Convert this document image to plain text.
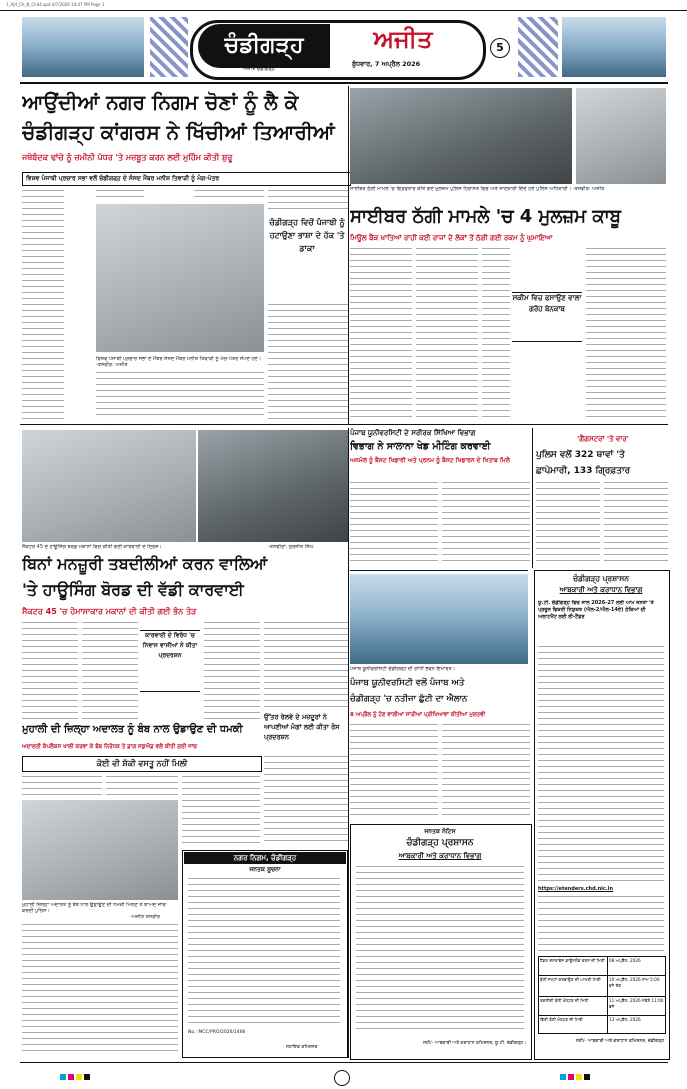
1_Ajit_Ch_N_Chd4.qxd 4/7/2026 10:47 PM Page 1
ਚੰਡੀਗੜ੍ਹ	ਅਜੀਤ
ਅਜੀਤ ਚੰਡੀਗੜ੍ਹ
ਬੁੱਧਵਾਰ, 7 ਅਪ੍ਰੈਲ 2026
5
ਆਉਂਦੀਆਂ ਨਗਰ ਨਿਗਮ ਚੋਣਾਂ ਨੂੰ ਲੈ ਕੇ
ਚੰਡੀਗੜ੍ਹ ਕਾਂਗਰਸ ਨੇ ਖਿੱਚੀਆਂ ਤਿਆਰੀਆਂ
ਜਥੇਬੰਦਕ ਢਾਂਚੇ ਨੂੰ ਜ਼ਮੀਨੀ ਪੱਧਰ 'ਤੇ ਮਜ਼ਬੂਤ ਕਰਨ ਲਈ ਮੁਹਿੰਮ ਕੀਤੀ ਸ਼ੁਰੂ
ਵਿਸ਼ਵ ਪੰਜਾਬੀ ਪ੍ਰਚਾਰ ਸਭਾ ਵਲੋਂ ਚੰਡੀਗੜ੍ਹ ਦੇ ਸੰਸਦ ਮੈਂਬਰ ਮਨੀਸ਼ ਤਿਵਾੜੀ ਨੂੰ ਮੰਗ-ਪੱਤਰ
ਵਿਸ਼ਵ ਪੰਜਾਬੀ ਪ੍ਰਚਾਰ ਸਭਾ ਦੇ ਮੈਂਬਰ ਸੰਸਦ ਮੈਂਬਰ ਮਨੀਸ਼ ਤਿਵਾੜੀ ਨੂੰ ਮੰਗ-ਪੱਤਰ ਸੌਂਪਦੇ ਹੋਏ। -ਤਸਵੀਰ: ਅਜੀਤ
ਚੰਡੀਗੜ੍ਹ ਵਿਚੋਂ ਪੰਜਾਬੀ ਨੂੰ ਹਟਾਉਣਾ ਭਾਸ਼ਾ ਦੇ ਹੱਕ 'ਤੇ ਡਾਕਾ
ਸਾਈਬਰ ਠੱਗੀ ਮਾਮਲੇ 'ਚ ਗ੍ਰਿਫ਼ਤਾਰ ਕੀਤੇ ਗਏ ਮੁਲਜ਼ਮ ਪੁਲਿਸ ਹਿਰਾਸਤ ਵਿਚ ਅਤੇ ਜਾਣਕਾਰੀ ਦਿੰਦੇ ਹੋਏ ਪੁਲਿਸ ਅਧਿਕਾਰੀ। -ਤਸਵੀਰ: ਅਜੀਤ
ਸਾਈਬਰ ਠੱਗੀ ਮਾਮਲੇ 'ਚ 4 ਮੁਲਜ਼ਮ ਕਾਬੂ
ਮਿਊਲ ਬੈਂਕ ਖਾਤਿਆਂ ਰਾਹੀਂ ਕਈ ਰਾਜਾਂ ਦੇ ਲੋਕਾਂ ਤੋਂ ਠੱਗੀ ਗਈ ਰਕਮ ਨੂੰ ਘੁਮਾਇਆ
ਸਕੀਮ ਵਿਚ ਫਸਾਉਣ ਵਾਲਾ ਗਰੋਹ ਬੇਨਕਾਬ
ਸੈਕਟਰ 45 ਦੇ ਹਾਊਸਿੰਗ ਬੋਰਡ ਮਕਾਨਾਂ ਵਿਚ ਕੀਤੀ ਗਈ ਕਾਰਵਾਈ ਦੇ ਦ੍ਰਿਸ਼।	-ਤਸਵੀਰਾਂ: ਸੁਰਜੀਤ ਸਿੰਘ
ਪੰਜਾਬ ਯੂਨੀਵਰਸਿਟੀ ਦੇ ਸਰੀਰਕ ਸਿੱਖਿਆ ਵਿਭਾਗ
ਵਿਭਾਗ ਨੇ ਸਾਲਾਨਾ ਖੇਡ ਮੀਟਿੰਗ ਕਰਵਾਈ
ਅਨਮੋਲ ਨੂੰ ਬੈਸਟ ਖਿਡਾਰੀ ਅਤੇ ਪ੍ਰਨਮ ਨੂੰ ਬੈਸਟ ਖਿਡਾਰਨ ਦੇ ਖਿਤਾਬ ਮਿਲੇ
'ਗੈਂਗਸਟਰਾਂ 'ਤੇ ਵਾਰ'
ਪੁਲਿਸ ਵਲੋਂ 322 ਥਾਵਾਂ 'ਤੇ
ਛਾਪੇਮਾਰੀ, 133 ਗ੍ਰਿਫ਼ਤਾਰ
ਬਿਨਾਂ ਮਨਜ਼ੂਰੀ ਤਬਦੀਲੀਆਂ ਕਰਨ ਵਾਲਿਆਂ
'ਤੇ ਹਾਊਸਿੰਗ ਬੋਰਡ ਦੀ ਵੱਡੀ ਕਾਰਵਾਈ
ਸੈਕਟਰ 45 'ਚ ਹੋਮਾਸਾਕਾਰ ਮਕਾਨਾਂ ਦੀ ਕੀਤੀ ਗਈ ਭੰਨ ਤੋੜ
ਕਾਰਵਾਈ ਦੇ ਵਿਰੋਧ 'ਚ ਨਿਵਾਸ ਵਾਸੀਆਂ ਨੇ ਕੀਤਾ ਪ੍ਰਦਰਸ਼ਨ
ਉੱਤਰ ਰੇਲਵੇ ਦੇ ਮਜ਼ਦੂਰਾਂ ਨੇ ਆਪਣੀਆਂ ਮੰਗਾਂ ਲਈ ਕੀਤਾ ਰੋਸ ਪ੍ਰਦਰਸ਼ਨ
ਮੁਹਾਲੀ ਦੀ ਜ਼ਿਲ੍ਹਾ ਅਦਾਲਤ ਨੂੰ ਬੰਬ ਨਾਲ ਉਡਾਉਣ ਦੀ ਧਮਕੀ
ਅਦਾਲਤੀ ਕੰਪਲੈਕਸ ਖਾਲੀ ਕਰਵਾ ਕੇ ਬੰਬ ਨਿਰੋਧਕ ਤੇ ਡਾਗ ਸਕੁਐਡ ਵਲੋਂ ਕੀਤੀ ਗਈ ਜਾਂਚ
ਕੋਈ ਵੀ ਸ਼ੱਕੀ ਵਸਤੂ ਨਹੀਂ ਮਿਲੀ
ਮੁਹਾਲੀ ਜ਼ਿਲ੍ਹਾ ਅਦਾਲਤ ਨੂੰ ਬੰਬ ਨਾਲ ਉਡਾਉਣ ਦੀ ਧਮਕੀ ਮਿਲਣ ਤੋਂ ਬਾਅਦ ਜਾਂਚ ਕਰਦੀ ਪੁਲਿਸ।
-ਅਜੀਤ ਤਸਵੀਰ
ਨਗਰ ਨਿਗਮ, ਚੰਡੀਗੜ੍ਹ
ਜਨਤਕ ਸੂਚਨਾ
No.: MCC/PRO/2026/1466
ਸਹਾਇਕ ਕਮਿਸ਼ਨਰ
ਪੰਜਾਬ ਯੂਨੀਵਰਸਿਟੀ ਚੰਡੀਗੜ੍ਹ ਦੀ ਗਾਂਧੀ ਭਵਨ ਇਮਾਰਤ।
ਪੰਜਾਬ ਯੂਨੀਵਰਸਿਟੀ ਵਲੋਂ ਪੰਜਾਬ ਅਤੇ
ਚੰਡੀਗੜ੍ਹ 'ਚ ਨਤੀਜਾ ਛੁੱਟੀ ਦਾ ਐਲਾਨ
8 ਅਪ੍ਰੈਲ ਨੂੰ ਹੋਣ ਵਾਲੀਆਂ ਸਾਰੀਆਂ ਪ੍ਰੀਖਿਆਵਾਂ ਕੀਤੀਆਂ ਮੁਲਤਵੀ
ਜਨਤਕ ਨੋਟਿਸ
ਚੰਡੀਗੜ੍ਹ ਪ੍ਰਸ਼ਾਸਨ
ਆਬਕਾਰੀ ਅਤੇ ਕਰਾਧਾਨ ਵਿਭਾਗ
ਸਹੀ/- ਆਬਕਾਰੀ ਅਤੇ ਕਰਾਧਾਨ ਕਮਿਸ਼ਨਰ, ਯੂ.ਟੀ. ਚੰਡੀਗੜ੍ਹ।
ਚੰਡੀਗੜ੍ਹ ਪ੍ਰਸ਼ਾਸਨ
ਆਬਕਾਰੀ ਅਤੇ ਕਰਾਧਾਨ ਵਿਭਾਗ
ਯੂ.ਟੀ. ਚੰਡੀਗੜ੍ਹ ਵਿਚ ਸਾਲ 2026-27 ਲਈ ਆਮ ਜਨਤਾ 'ਤੇ ਪ੍ਰਚੂਨ ਵਿਕਰੀ ਨਿਯੁਕਤ (ਐਲ-2/ਐਲ-14ਏ) ਠੇਕਿਆਂ ਦੀ ਅਲਾਟਮੈਂਟ ਲਈ ਈ-ਟੈਂਡਰ
https://etenders.chd.nic.in
ਟੈਂਡਰ ਦਸਤਾਵੇਜ਼ ਡਾਊਨਲੋਡ ਕਰਨ ਦੀ ਮਿਤੀ	08 ਅਪ੍ਰੈਲ, 2026
ਬੋਲੀ ਜਮ੍ਹਾਂ ਕਰਵਾਉਣ ਦੀ ਆਖਰੀ ਮਿਤੀ	10 ਅਪ੍ਰੈਲ, 2026 ਸ਼ਾਮ 5:00 ਵਜੇ ਤੱਕ
ਤਕਨੀਕੀ ਬੋਲੀ ਖੋਲ੍ਹਣ ਦੀ ਮਿਤੀ	11 ਅਪ੍ਰੈਲ, 2026 ਸਵੇਰੇ 11:00 ਵਜੇ
ਵਿੱਤੀ ਬੋਲੀ ਖੋਲ੍ਹਣ ਦੀ ਮਿਤੀ	13 ਅਪ੍ਰੈਲ, 2026
ਸਹੀ/- ਆਬਕਾਰੀ ਅਤੇ ਕਰਾਧਾਨ ਕਮਿਸ਼ਨਰ, ਚੰਡੀਗੜ੍ਹ
